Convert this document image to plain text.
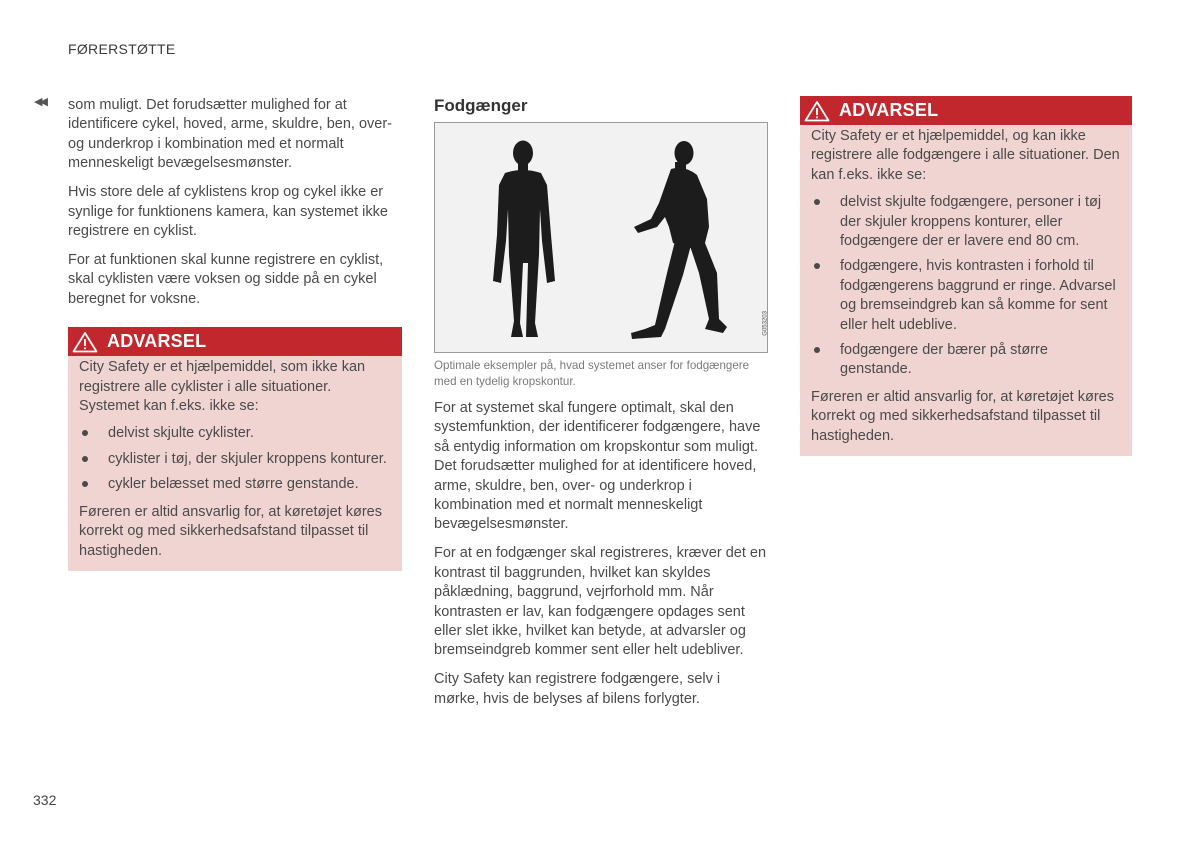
FØRERSTØTTE
◀◀ som muligt. Det forudsætter mulighed for at identificere cykel, hoved, arme, skuldre, ben, over- og underkrop i kombination med et normalt menneskeligt bevægelsesmønster.

Hvis store dele af cyklistens krop og cykel ikke er synlige for funktionens kamera, kan systemet ikke registrere en cyklist.

For at funktionen skal kunne registrere en cyklist, skal cyklisten være voksen og sidde på en cykel beregnet for voksne.

ADVARSEL

City Safety er et hjælpemiddel, som ikke kan registrere alle cyklister i alle situationer. Systemet kan f.eks. ikke se:

delvist skjulte cyklister.
cyklister i tøj, der skjuler kroppens konturer.
cykler belæsset med større genstande.

Føreren er altid ansvarlig for, at køretøjet køres korrekt og med sikkerhedsafstand tilpasset til hastigheden.

Fodgænger
G053203
Optimale eksempler på, hvad systemet anser for fodgængere med en tydelig kropskontur.

For at systemet skal fungere optimalt, skal den systemfunktion, der identificerer fodgængere, have så entydig information om kropskontur som muligt. Det forudsætter mulighed for at identificere hoved, arme, skuldre, ben, over- og underkrop i kombination med et normalt menneskeligt bevægelsesmønster.

For at en fodgænger skal registreres, kræver det en kontrast til baggrunden, hvilket kan skyldes påklædning, baggrund, vejrforhold mm. Når kontrasten er lav, kan fodgængere opdages sent eller slet ikke, hvilket kan betyde, at advarsler og bremseindgreb kommer sent eller helt udebliver.

City Safety kan registrere fodgængere, selv i mørke, hvis de belyses af bilens forlygter.

ADVARSEL

City Safety er et hjælpemiddel, og kan ikke registrere alle fodgængere i alle situationer. Den kan f.eks. ikke se:

delvist skjulte fodgængere, personer i tøj der skjuler kroppens konturer, eller fodgængere der er lavere end 80 cm.
fodgængere, hvis kontrasten i forhold til fodgængerens baggrund er ringe. Advarsel og bremseindgreb kan så komme for sent eller helt udeblive.
fodgængere der bærer på større genstande.

Føreren er altid ansvarlig for, at køretøjet køres korrekt og med sikkerhedsafstand tilpasset til hastigheden.

332
